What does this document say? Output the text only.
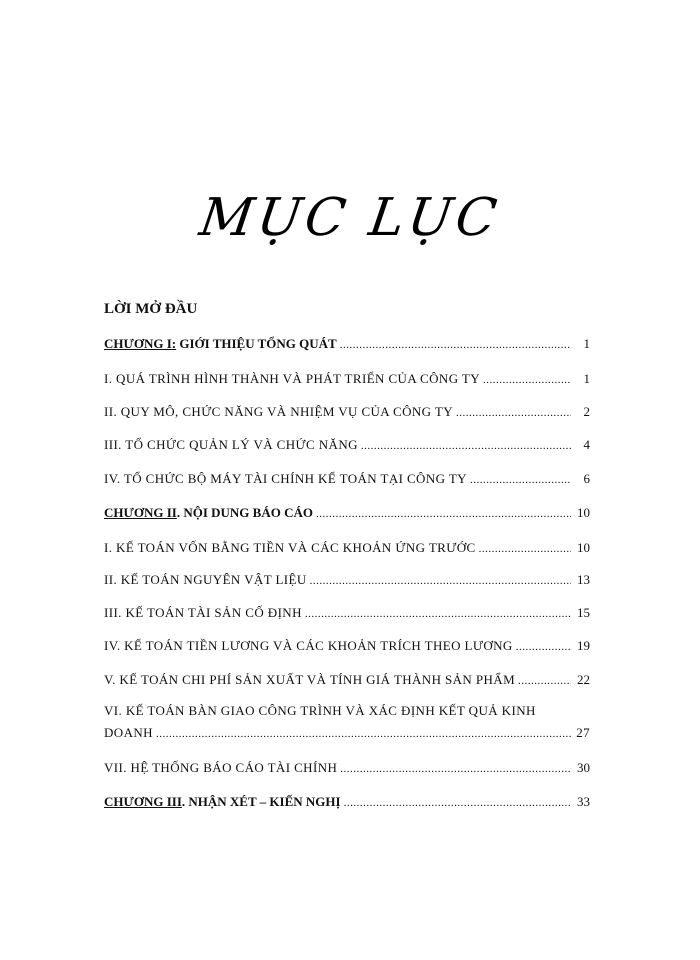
MỤC LỤC
LỜI MỞ ĐẦU
CHƯƠNG I: GIỚI THIỆU TỔNG QUÁT .....	1
I. QUÁ TRÌNH HÌNH THÀNH VÀ PHÁT TRIỂN CỦA CÔNG TY .....	1
II. QUY MÔ, CHỨC NĂNG VÀ NHIỆM VỤ CỦA CÔNG TY .....	2
III. TỔ CHỨC QUẢN LÝ VÀ CHỨC NĂNG .....	4
IV. TỔ CHỨC BỘ MÁY TÀI CHÍNH KẾ TOÁN TẠI CÔNG TY .....	6
CHƯƠNG II. NỘI DUNG BÁO CÁO .....	10
I. KẾ TOÁN VỐN BẰNG TIỀN VÀ CÁC KHOẢN ỨNG TRƯỚC .....	10
II. KẾ TOÁN NGUYÊN VẬT LIỆU .....	13
III. KẾ TOÁN TÀI SẢN CỐ ĐỊNH .....	15
IV. KẾ TOÁN TIỀN LƯƠNG VÀ CÁC KHOẢN TRÍCH THEO LƯƠNG .....	19
V. KẾ TOÁN CHI PHÍ SẢN XUẤT VÀ TÍNH GIÁ THÀNH SẢN PHẨM .....	22
VI. KẾ TOÁN BÀN GIAO CÔNG TRÌNH VÀ XÁC ĐỊNH KẾT QUẢ KINH
DOANH .....	27
VII. HỆ THỐNG BÁO CÁO TÀI CHÍNH .....	30
CHƯƠNG III. NHẬN XÉT – KIẾN NGHỊ .....	33
